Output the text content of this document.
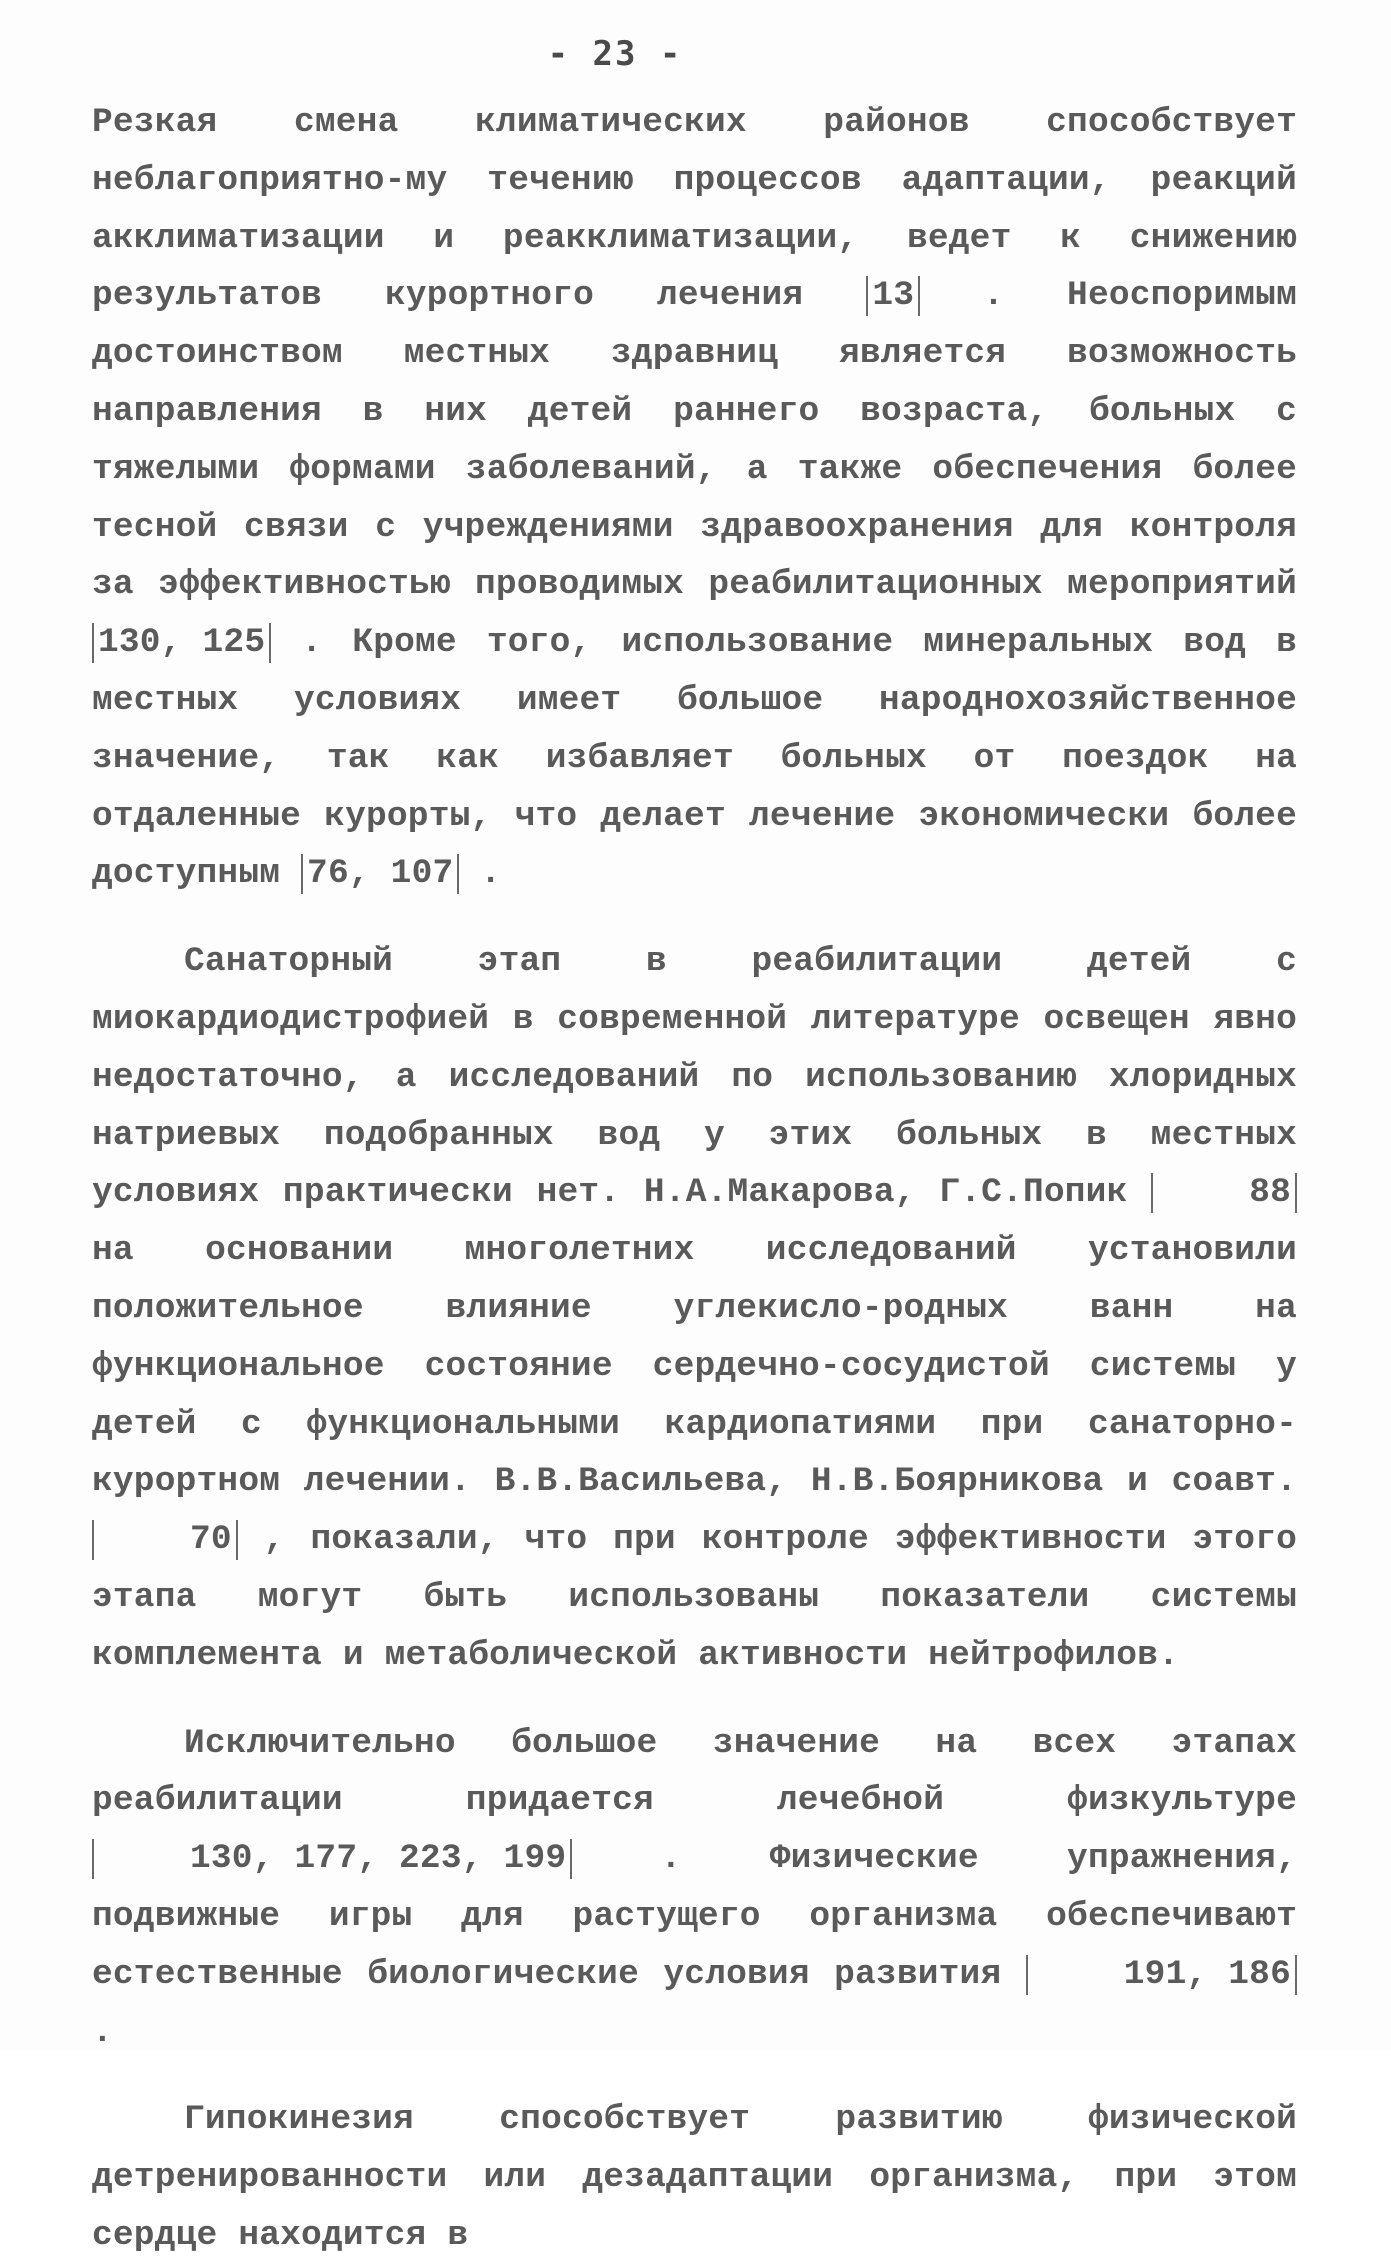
- 23 -

Резкая смена климатических районов способствует неблагоприятно-му течению процессов адаптации, реакций акклиматизации и реакклиматизации, ведет к снижению результатов курортного лечения 13 . Неоспоримым достоинством местных здравниц является возможность направления в них детей раннего возраста, больных с тяжелыми формами заболеваний, а также обеспечения более тесной связи с учреждениями здравоохранения для контроля за эффективностью проводимых реабилитационных мероприятий 130, 125 . Кроме того, использование минеральных вод в местных условиях имеет большое народнохозяйственное значение, так как избавляет больных от поездок на отдаленные курорты, что делает лечение экономически более доступным 76, 107 .

Санаторный этап в реабилитации детей с миокардиодистрофией в современной литературе освещен явно недостаточно, а исследований по использованию хлоридных натриевых подобранных вод у этих больных в местных условиях практически нет. Н.А.Макарова, Г.С.Попик	88 на основании многолетних исследований установили положительное влияние углекисло-родных ванн на функциональное состояние сердечно-сосудистой системы у детей с функциональными кардиопатиями при санаторно-курортном лечении. В.В.Васильева, Н.В.Боярникова и соавт. 70 , показали, что при контроле эффективности этого этапа могут быть использованы показатели системы комплемента и метаболической активности нейтрофилов.

Исключительно большое значение на всех этапах реабилитации придается лечебной физкультуре 130, 177, 223, 199 . Физические упражнения, подвижные игры для растущего организма обеспечивают естественные биологические условия развития	191, 186 .

Гипокинезия способствует развитию физической детренированности или дезадаптации организма, при этом сердце находится в
